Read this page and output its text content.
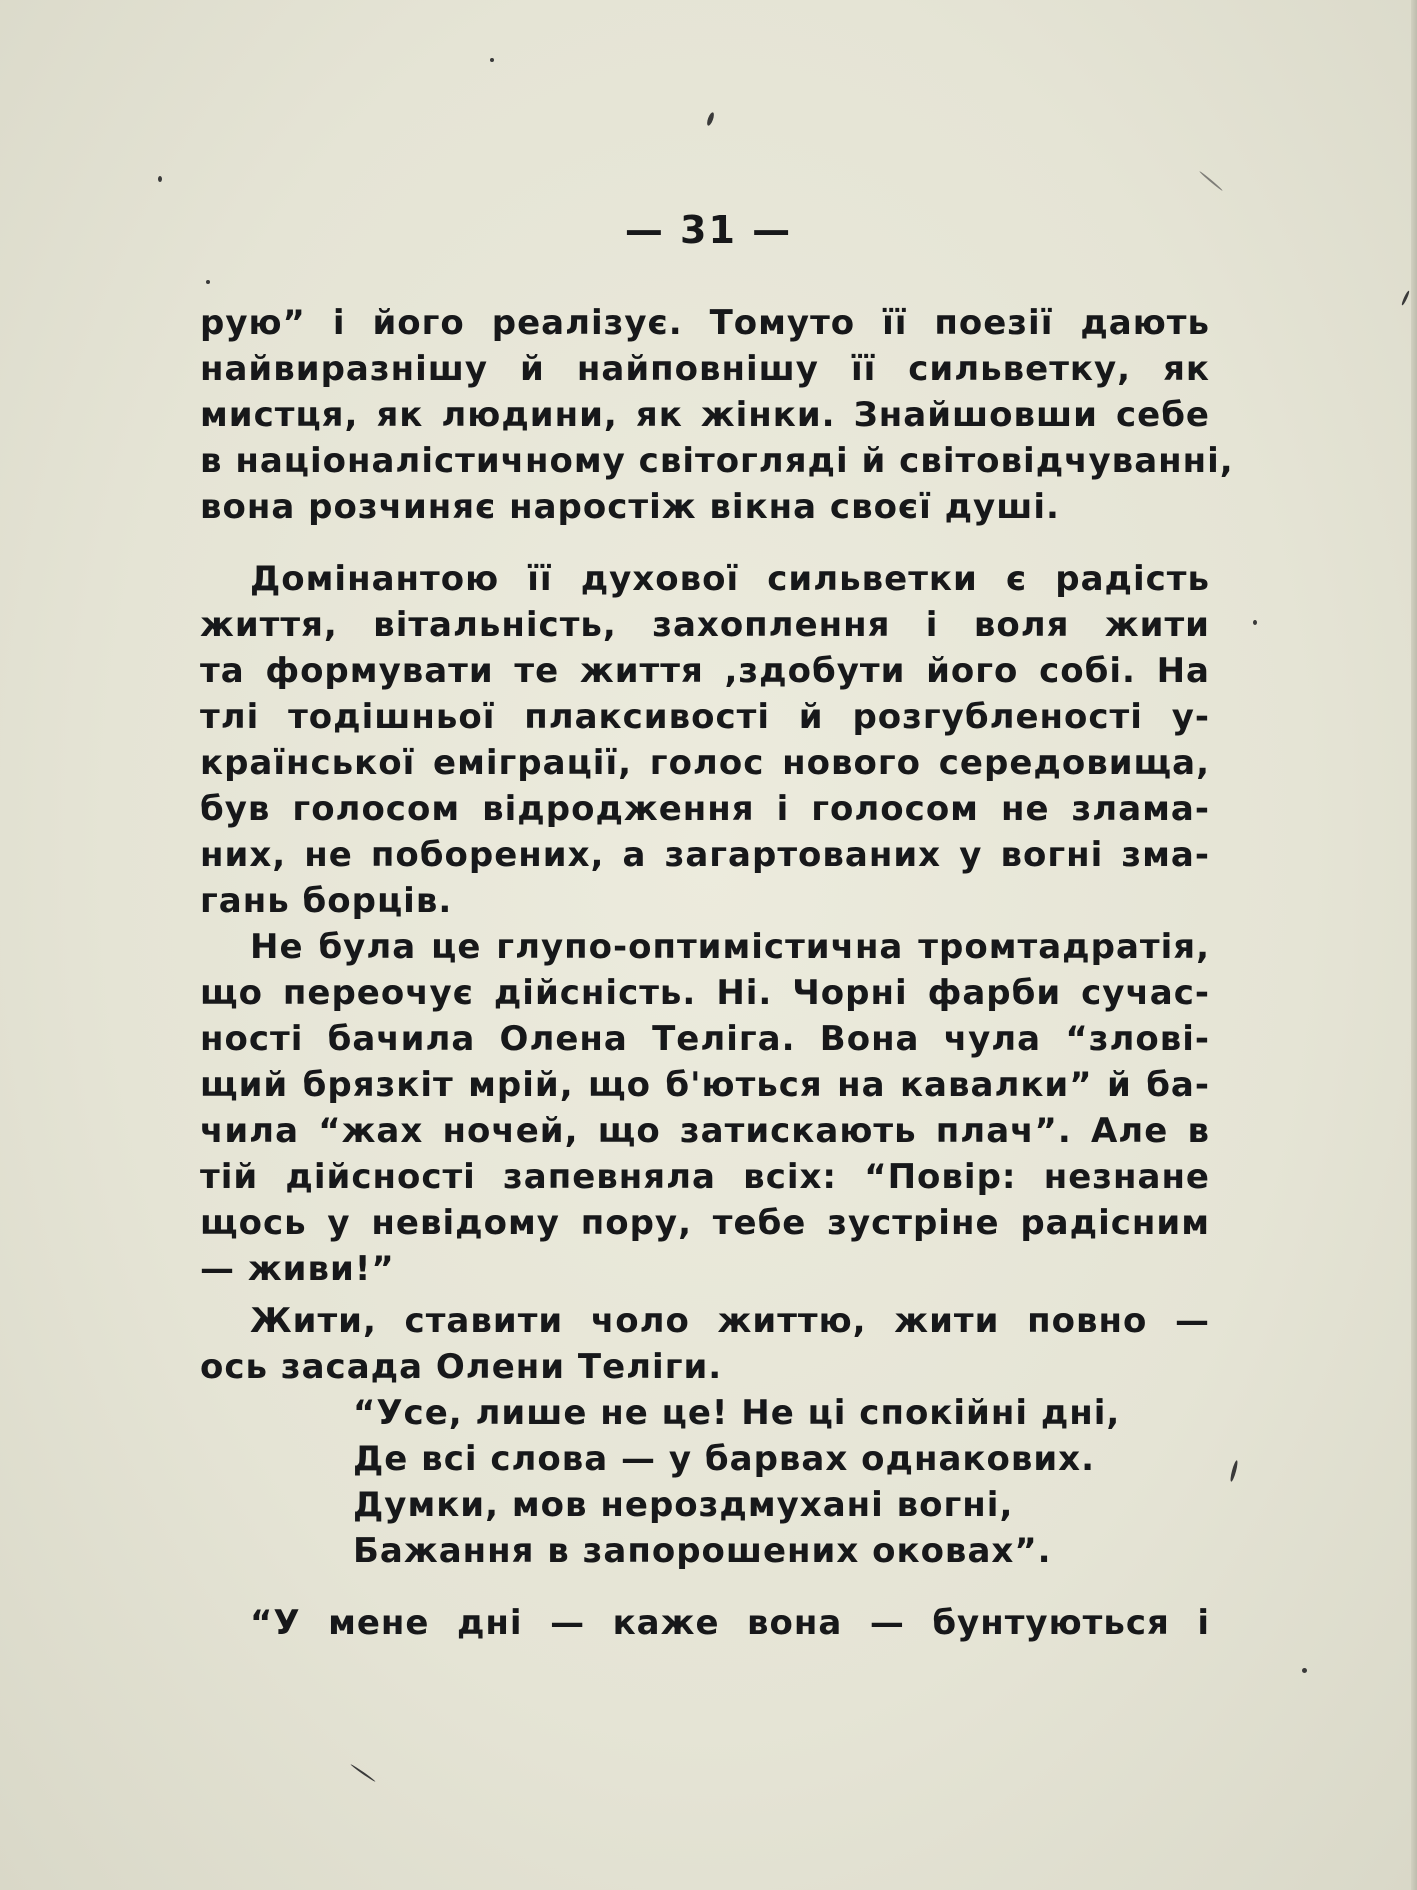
— 31 —
рую” і його реалізує. Томуто її поезії дають
найвиразнішу й найповнішу її сильветку, як
мистця, як людини, як жінки. Знайшовши себе
в націоналістичному світогляді й світовідчуванні,
вона розчиняє наростіж вікна своєї душі.
Домінантою її духової сильветки є радість
життя, вітальність, захоплення і воля жити
та формувати те життя ,здобути його собі. На
тлі тодішньої плаксивості й розгубленості у-
країнської еміграції, голос нового середовища,
був голосом відродження і голосом не злама-
них, не поборених, а загартованих у вогні зма-
гань борців.
Не була це глупо-оптимістична тромтадратія,
що переочує дійсність. Ні. Чорні фарби сучас-
ності бачила Олена Теліга. Вона чула “злові-
щий брязкіт мрій, що б'ються на кавалки” й ба-
чила “жах ночей, що затискають плач”. Але в
тій дійсності запевняла всіх: “Повір: незнане
щось у невідому пору, тебе зустріне радісним
— живи!”
Жити, ставити чоло життю, жити повно —
ось засада Олени Теліги.
“Усе, лише не це! Не ці спокійні дні,
Де всі слова — у барвах однакових.
Думки, мов нероздмухані вогні,
Бажання в запорошених оковах”.
“У мене дні — каже вона — бунтуються і
